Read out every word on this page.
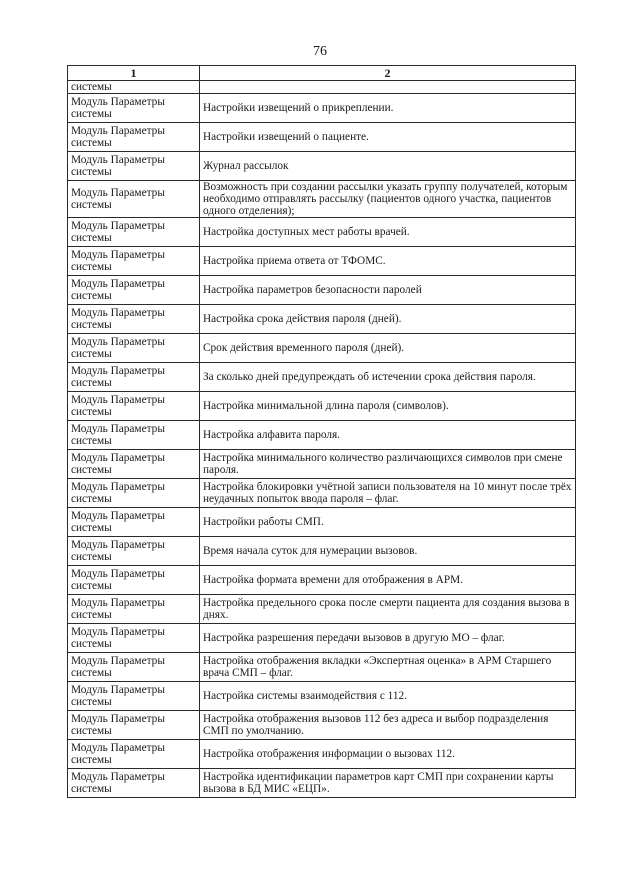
76
1	2
системы	
Модуль Параметры системы	Настройки извещений о прикреплении.
Модуль Параметры системы	Настройки извещений о пациенте.
Модуль Параметры системы	Журнал рассылок
Модуль Параметры системы	Возможность при создании рассылки указать группу получателей, которым необходимо отправлять рассылку (пациентов одного участка, пациентов одного отделения);
Модуль Параметры системы	Настройка доступных мест работы врачей.
Модуль Параметры системы	Настройка приема ответа от ТФОМС.
Модуль Параметры системы	Настройка параметров безопасности паролей
Модуль Параметры системы	Настройка срока действия пароля (дней).
Модуль Параметры системы	Срок действия временного пароля (дней).
Модуль Параметры системы	За сколько дней предупреждать об истечении срока действия пароля.
Модуль Параметры системы	Настройка минимальной длина пароля (символов).
Модуль Параметры системы	Настройка алфавита пароля.
Модуль Параметры системы	Настройка минимального количество различающихся символов при смене пароля.
Модуль Параметры системы	Настройка блокировки учётной записи пользователя на 10 минут после трёх неудачных попыток ввода пароля – флаг.
Модуль Параметры системы	Настройки работы СМП.
Модуль Параметры системы	Время начала суток для нумерации вызовов.
Модуль Параметры системы	Настройка формата времени для отображения в АРМ.
Модуль Параметры системы	Настройка предельного срока после смерти пациента для создания вызова в днях.
Модуль Параметры системы	Настройка разрешения передачи вызовов в другую МО – флаг.
Модуль Параметры системы	Настройка отображения вкладки «Экспертная оценка» в АРМ Старшего врача СМП – флаг.
Модуль Параметры системы	Настройка системы взаимодействия с 112.
Модуль Параметры системы	Настройка отображения вызовов 112 без адреса и выбор подразделения СМП по умолчанию.
Модуль Параметры системы	Настройка отображения информации о вызовах 112.
Модуль Параметры системы	Настройка идентификации параметров карт СМП при сохранении карты вызова в БД МИС «ЕЦП».
